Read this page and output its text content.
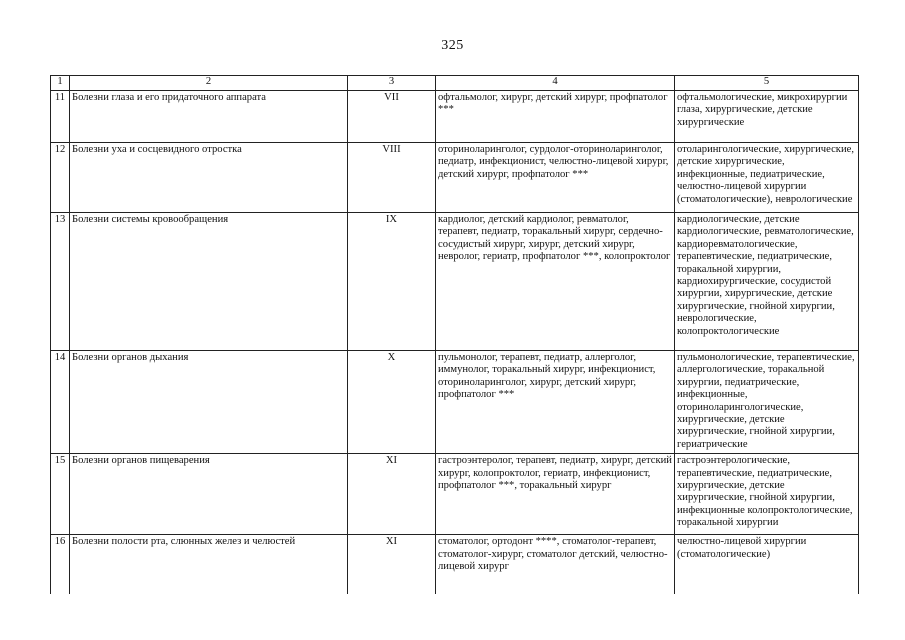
325
1	2	3	4	5
11	Болезни глаза и его придаточного аппарата	VII	офтальмолог, хирург, детский хирург, профпатолог ***	офтальмологические, микрохирургии глаза, хирургические, детские хирургические
12	Болезни уха и сосцевидного отростка	VIII	оториноларинголог, сурдолог-оториноларинголог, педиатр, инфекционист, челюстно-лицевой хирург, детский хирург, профпатолог ***	отоларингологические, хирургические, детские хирургические, инфекционные, педиатрические, челюстно-лицевой хирургии (стоматологические), неврологические
13	Болезни системы кровообращения	IX	кардиолог, детский кардиолог, ревматолог, терапевт, педиатр, торакальный хирург, сердечно-сосудистый хирург, хирург, детский хирург, невролог, гериатр, профпатолог ***, колопроктолог	кардиологические, детские кардиологические, ревматологические, кардиоревматологические, терапевтические, педиатрические, торакальной хирургии, кардиохирургические, сосудистой хирургии, хирургические, детские хирургические, гнойной хирургии, неврологические, колопроктологические
14	Болезни органов дыхания	X	пульмонолог, терапевт, педиатр, аллерголог, иммунолог, торакальный хирург, инфекционист, оториноларинголог, хирург, детский хирург, профпатолог ***	пульмонологические, терапевтические, аллергологические, торакальной хирургии, педиатрические, инфекционные, оториноларингологические, хирургические, детские хирургические, гнойной хирургии, гериатрические
15	Болезни органов пищеварения	XI	гастроэнтеролог, терапевт, педиатр, хирург, детский хирург, колопроктолог, гериатр, инфекционист, профпатолог ***, торакальный хирург	гастроэнтерологические, терапевтические, педиатрические, хирургические, детские хирургические, гнойной хирургии, инфекционные колопроктологические, торакальной хирургии
16	Болезни полости рта, слюнных желез и челюстей	XI	стоматолог, ортодонт ****, стоматолог-терапевт, стоматолог-хирург, стоматолог детский, челюстно-лицевой хирург	челюстно-лицевой хирургии (стоматологические)
